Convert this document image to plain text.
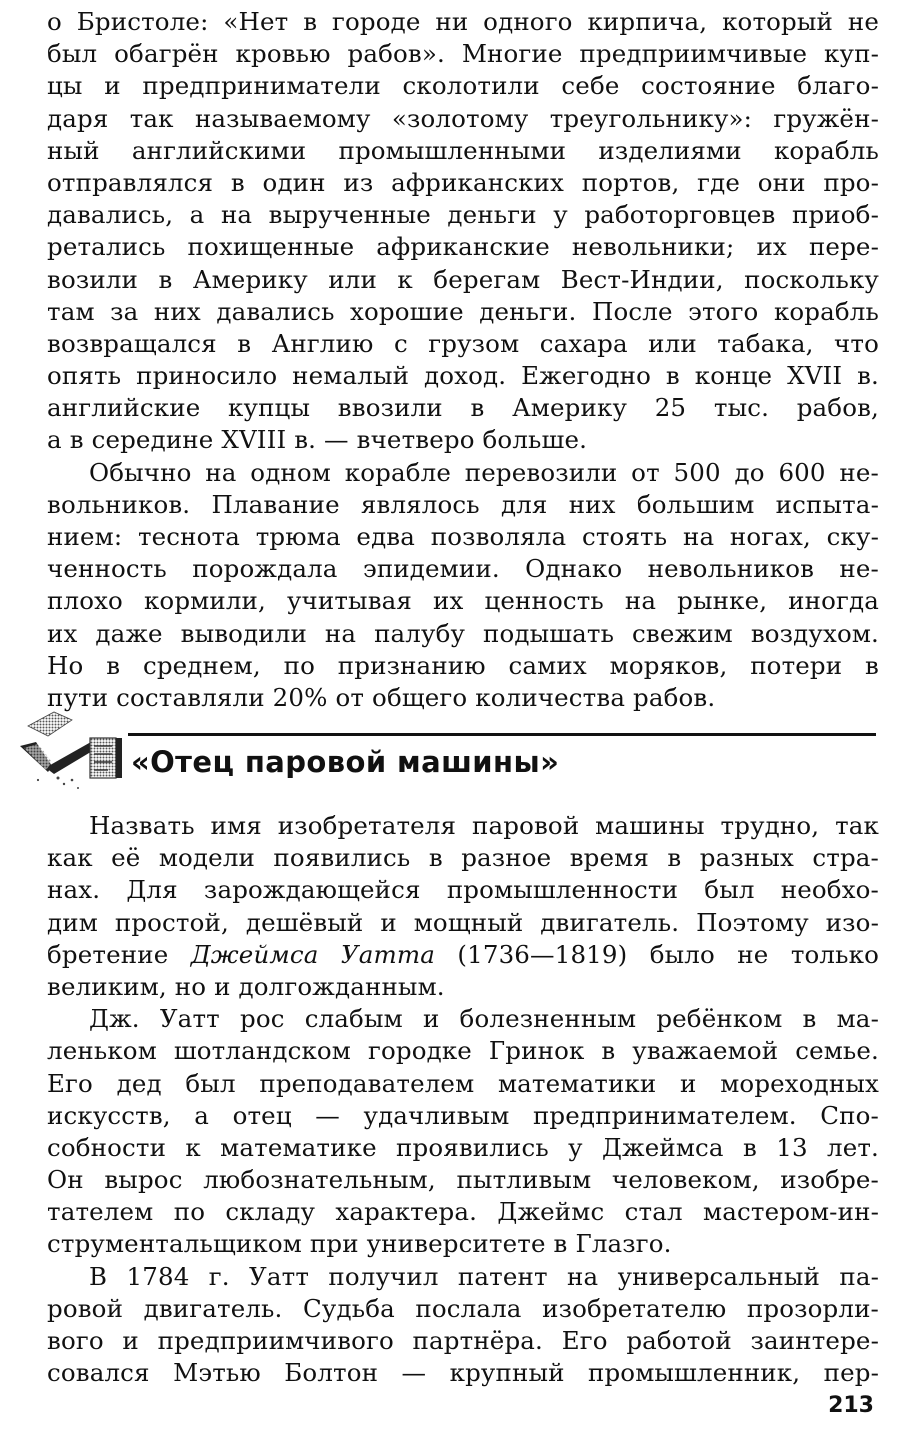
о Бристоле: «Нет в городе ни одного кирпича, который не
был обагрён кровью рабов». Многие предприимчивые куп-
цы и предприниматели сколотили себе состояние благо-
даря так называемому «золотому треугольнику»: гружён-
ный английскими промышленными изделиями корабль
отправлялся в один из африканских портов, где они про-
давались, а на вырученные деньги у работорговцев приоб-
ретались похищенные африканские невольники; их пере-
возили в Америку или к берегам Вест-Индии, поскольку
там за них давались хорошие деньги. После этого корабль
возвращался в Англию с грузом сахара или табака, что
опять приносило немалый доход. Ежегодно в конце XVII в.
английские купцы ввозили в Америку 25 тыс. рабов,
а в середине XVIII в. — вчетверо больше.
Обычно на одном корабле перевозили от 500 до 600 не-
вольников. Плавание являлось для них большим испыта-
нием: теснота трюма едва позволяла стоять на ногах, ску-
ченность порождала эпидемии. Однако невольников не-
плохо кормили, учитывая их ценность на рынке, иногда
их даже выводили на палубу подышать свежим воздухом.
Но в среднем, по признанию самих моряков, потери в
пути составляли 20% от общего количества рабов.
«Отец паровой машины»
Назвать имя изобретателя паровой машины трудно, так
как её модели появились в разное время в разных стра-
нах. Для зарождающейся промышленности был необхо-
дим простой, дешёвый и мощный двигатель. Поэтому изо-
бретение Джеймса Уатта (1736—1819) было не только
великим, но и долгожданным.
Дж. Уатт рос слабым и болезненным ребёнком в ма-
леньком шотландском городке Гринок в уважаемой семье.
Его дед был преподавателем математики и мореходных
искусств, а отец — удачливым предпринимателем. Спо-
собности к математике проявились у Джеймса в 13 лет.
Он вырос любознательным, пытливым человеком, изобре-
тателем по складу характера. Джеймс стал мастером-ин-
струментальщиком при университете в Глазго.
В 1784 г. Уатт получил патент на универсальный па-
ровой двигатель. Судьба послала изобретателю прозорли-
вого и предприимчивого партнёра. Его работой заинтере-
совался Мэтью Болтон — крупный промышленник, пер-
213
